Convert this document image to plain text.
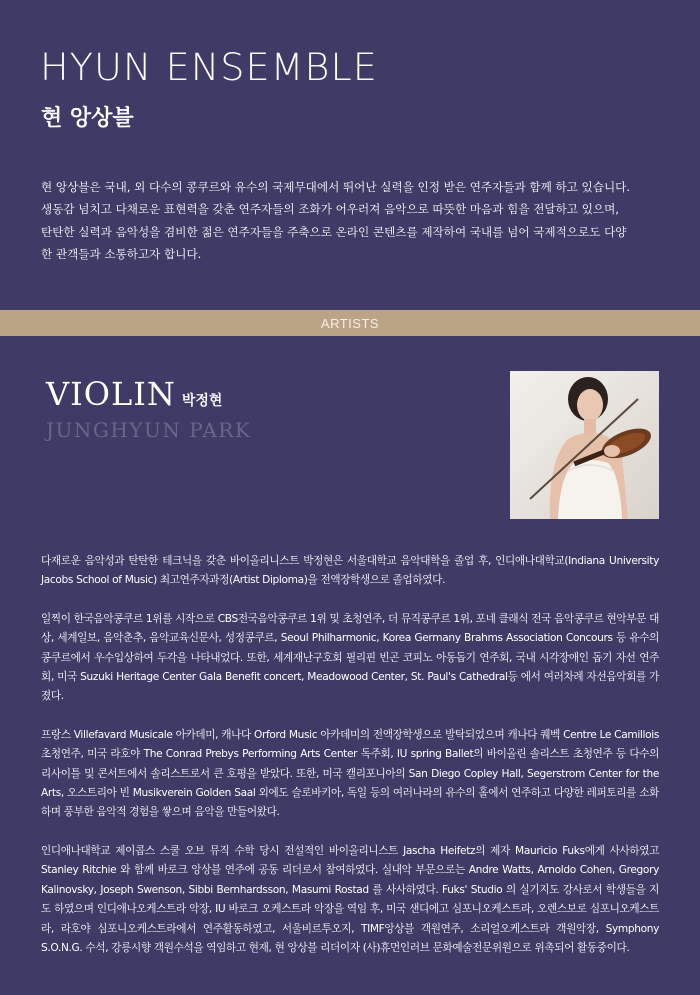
HYUN ENSEMBLE
현 앙상블

현 앙상블은 국내, 외 다수의 콩쿠르와 유수의 국제무대에서 뛰어난 실력을 인정 받은 연주자들과 함께 하고 있습니다. 생동감 넘치고 다채로운 표현력을 갖춘 연주자들의 조화가 어우러져 음악으로 따뜻한 마음과 힘을 전달하고 있으며, 탄탄한 실력과 음악성을 겸비한 젊은 연주자들을 주축으로 온라인 콘텐츠를 제작하여 국내를 넘어 국제적으로도 다양한 관객들과 소통하고자 합니다.

ARTISTS
VIOLIN 박정현
JUNGHYUN PARK

다재로운 음악성과 탄탄한 테크닉을 갖춘 바이올리니스트 박정현은 서울대학교 음악대학을 졸업 후, 인디애나대학교(Indiana University Jacobs School of Music) 최고연주자과정(Artist Diploma)을 전액장학생으로 졸업하였다.

일찍이 한국음악콩쿠르 1위를 시작으로 CBS전국음악콩쿠르 1위 및 초청연주, 더 뮤직콩쿠르 1위, 포네 클래식 전국 음악콩쿠르 현악부문 대상, 세계일보, 음악춘추, 음악교육신문사, 성정콩쿠르, Seoul Philharmonic, Korea Germany Brahms Association Concours 등 유수의 콩쿠르에서 우수입상하여 두각을 나타내었다. 또한, 세계재난구호회 필리핀 빈곤 코피노 아동돕기 연주회, 국내 시각장애인 돕기 자선 연주회, 미국 Suzuki Heritage Center Gala Benefit concert, Meadowood Center, St. Paul's Cathedral등 에서 여러차례 자선음악회를 가졌다.

프랑스 Villefavard Musicale 아카데미, 캐나다 Orford Music 아카데미의 전액장학생으로 발탁되었으며 캐나다 퀘벡 Centre Le Camillois 초청연주, 미국 라호야 The Conrad Prebys Performing Arts Center 독주회, IU spring Ballet의 바이올린 솔리스트 초청연주 등 다수의 리사이틀 및 콘서트에서 솔리스트로서 큰 호평을 받았다. 또한, 미국 캘리포니아의 San Diego Copley Hall, Segerstrom Center for the Arts, 오스트리아 빈 Musikverein Golden Saal 외에도 슬로바키아, 독일 등의 여러나라의 유수의 홀에서 연주하고 다양한 레퍼토리를 소화하며 풍부한 음악적 경험을 쌓으며 음악을 만들어왔다.

인디애나대학교 제이콥스 스쿨 오브 뮤직 수학 당시 전설적인 바이올리니스트 Jascha Heifetz의 제자 Mauricio Fuks에게 사사하였고 Stanley Ritchie 와 함께 바로크 앙상블 연주에 공동 리더로서 참여하였다. 실내악 부문으로는 Andre Watts, Arnoldo Cohen, Gregory Kalinovsky, Joseph Swenson, Sibbi Bernhardsson, Masumi Rostad 를 사사하였다. Fuks' Studio 의 실기지도 강사로서 학생들을 지도 하였으며 인디애나오케스트라 악장, IU 바로크 오케스트라 악장을 역임 후, 미국 샌디에고 심포니오케스트라, 오렌스보로 심포니오케스트라, 라호야 심포니오케스트라에서 연주활동하였고, 서울비르투오지, TIMF앙상블 객원연주, 소리얼오케스트라 객원악장, Symphony S.O.N.G. 수석, 강릉시향 객원수석을 역임하고 현재, 현 앙상블 리더이자 (사)휴먼인러브 문화예술전문위원으로 위촉되어 활동중이다.
